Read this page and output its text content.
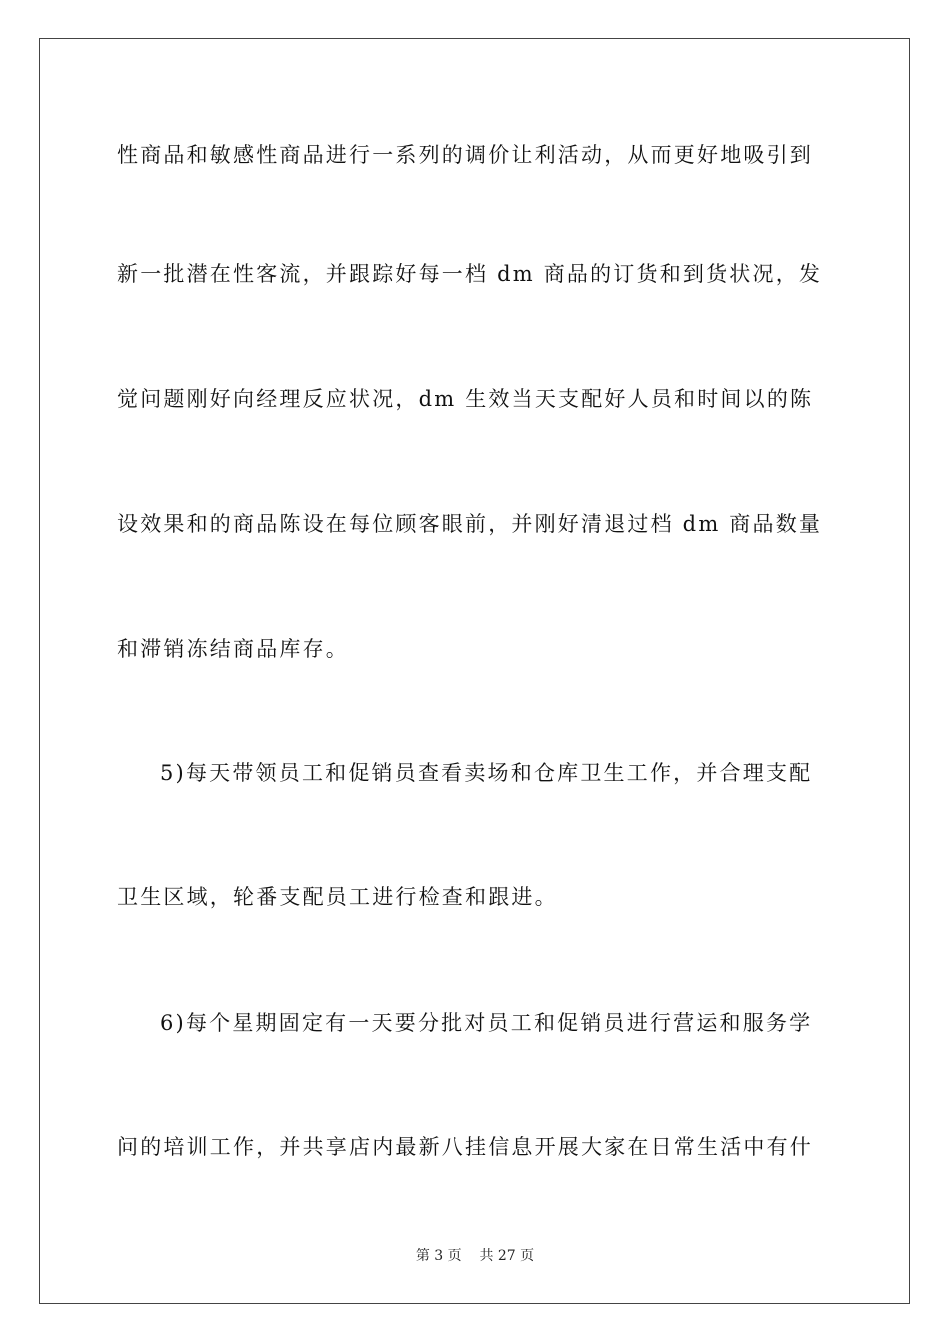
性商品和敏感性商品进行一系列的调价让利活动，从而更好地吸引到
新一批潜在性客流，并跟踪好每一档 dm 商品的订货和到货状况，发
觉问题刚好向经理反应状况，dm 生效当天支配好人员和时间以的陈
设效果和的商品陈设在每位顾客眼前，并刚好清退过档 dm 商品数量
和滞销冻结商品库存。
5)每天带领员工和促销员查看卖场和仓库卫生工作，并合理支配
卫生区域，轮番支配员工进行检查和跟进。
6)每个星期固定有一天要分批对员工和促销员进行营运和服务学
问的培训工作，并共享店内最新八挂信息开展大家在日常生活中有什
第 3 页 共 27 页
